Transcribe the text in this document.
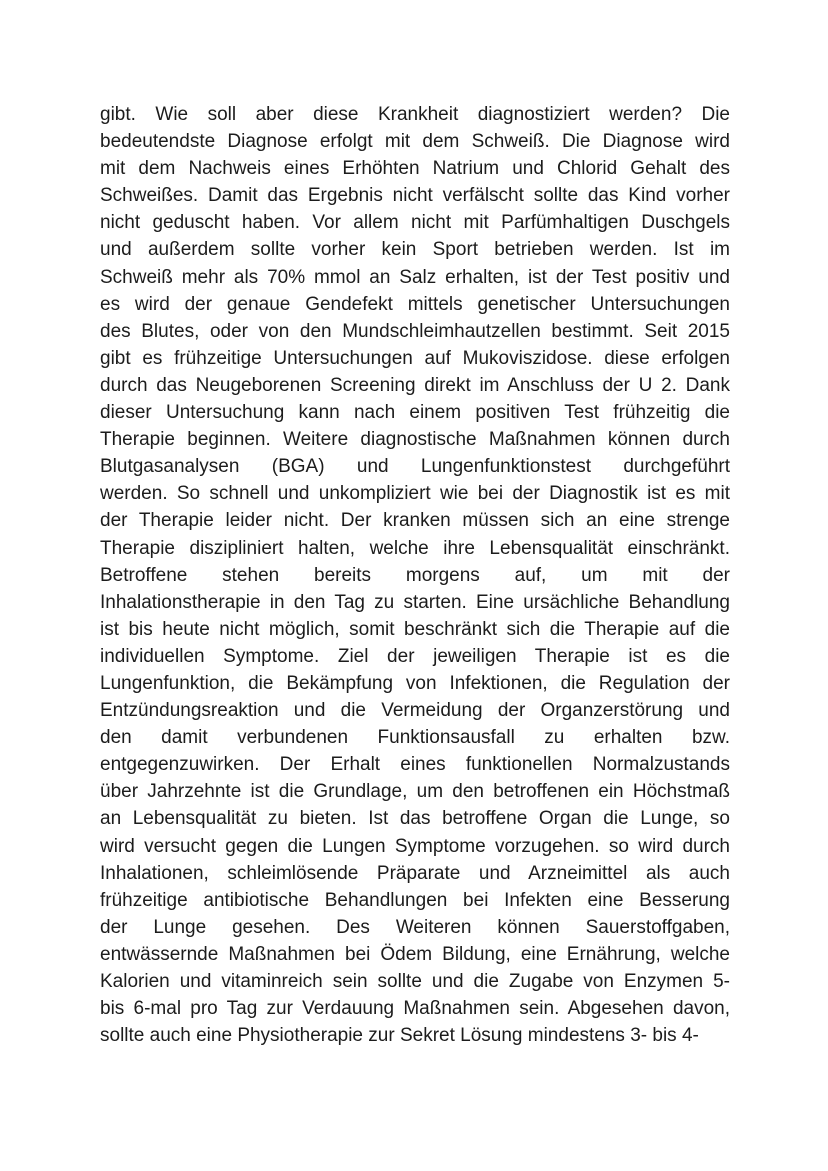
gibt. Wie soll aber diese Krankheit diagnostiziert werden? Die
bedeutendste Diagnose erfolgt mit dem Schweiß. Die Diagnose wird
mit dem Nachweis eines Erhöhten Natrium und Chlorid Gehalt des
Schweißes. Damit das Ergebnis nicht verfälscht sollte das Kind vorher
nicht geduscht haben. Vor allem nicht mit Parfümhaltigen Duschgels
und außerdem sollte vorher kein Sport betrieben werden. Ist im
Schweiß mehr als 70% mmol an Salz erhalten, ist der Test positiv und
es wird der genaue Gendefekt mittels genetischer Untersuchungen
des Blutes, oder von den Mundschleimhautzellen bestimmt. Seit 2015
gibt es frühzeitige Untersuchungen auf Mukoviszidose. diese erfolgen
durch das Neugeborenen Screening direkt im Anschluss der U 2. Dank
dieser Untersuchung kann nach einem positiven Test frühzeitig die
Therapie beginnen. Weitere diagnostische Maßnahmen können durch
Blutgasanalysen (BGA) und Lungenfunktionstest durchgeführt
werden. So schnell und unkompliziert wie bei der Diagnostik ist es mit
der Therapie leider nicht. Der kranken müssen sich an eine strenge
Therapie diszipliniert halten, welche ihre Lebensqualität einschränkt.
Betroffene stehen bereits morgens auf, um mit der
Inhalationstherapie in den Tag zu starten. Eine ursächliche Behandlung
ist bis heute nicht möglich, somit beschränkt sich die Therapie auf die
individuellen Symptome. Ziel der jeweiligen Therapie ist es die
Lungenfunktion, die Bekämpfung von Infektionen, die Regulation der
Entzündungsreaktion und die Vermeidung der Organzerstörung und
den damit verbundenen Funktionsausfall zu erhalten bzw.
entgegenzuwirken. Der Erhalt eines funktionellen Normalzustands
über Jahrzehnte ist die Grundlage, um den betroffenen ein Höchstmaß
an Lebensqualität zu bieten. Ist das betroffene Organ die Lunge, so
wird versucht gegen die Lungen Symptome vorzugehen. so wird durch
Inhalationen, schleimlösende Präparate und Arzneimittel als auch
frühzeitige antibiotische Behandlungen bei Infekten eine Besserung
der Lunge gesehen. Des Weiteren können Sauerstoffgaben,
entwässernde Maßnahmen bei Ödem Bildung, eine Ernährung, welche
Kalorien und vitaminreich sein sollte und die Zugabe von Enzymen 5-
bis 6-mal pro Tag zur Verdauung Maßnahmen sein. Abgesehen davon,
sollte auch eine Physiotherapie zur Sekret Lösung mindestens 3- bis 4-
